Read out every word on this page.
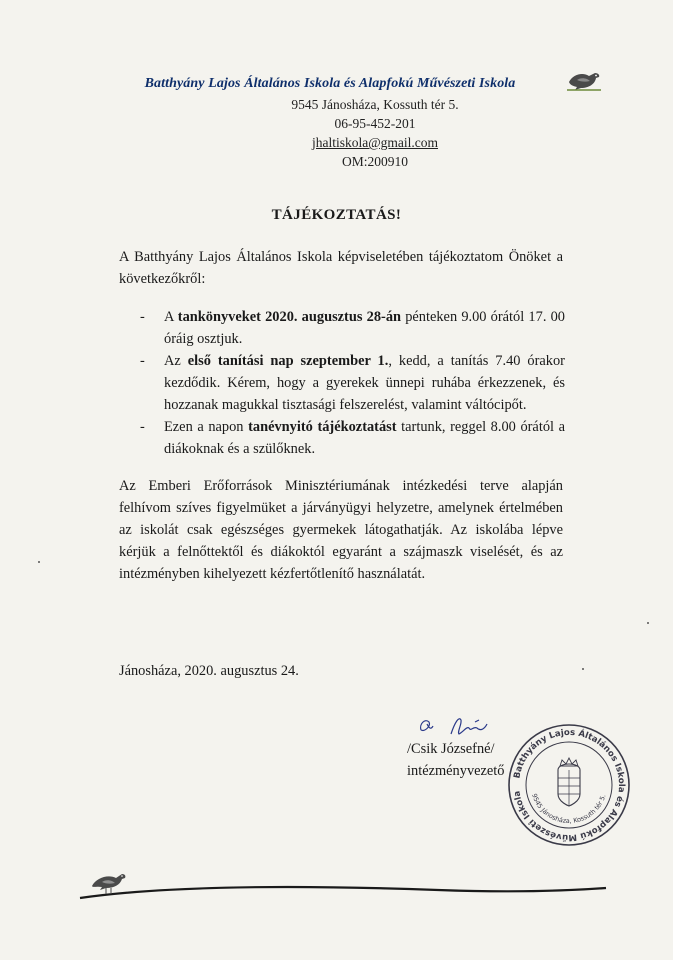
Batthyány Lajos Általános Iskola és Alapfokú Művészeti Iskola
9545 Jánosháza, Kossuth tér 5.
06-95-452-201
jhaltiskola@gmail.com
OM:200910
TÁJÉKOZTATÁS!
A Batthyány Lajos Általános Iskola képviseletében tájékoztatom Önöket a következőkről:
- A tankönyveket 2020. augusztus 28-án pénteken 9.00 órától 17. 00 óráig osztjuk.
- Az első tanítási nap szeptember 1., kedd, a tanítás 7.40 órakor kezdődik. Kérem, hogy a gyerekek ünnepi ruhába érkezzenek, és hozzanak magukkal tisztasági felszerelést, valamint váltócipőt.
- Ezen a napon tanévnyitó tájékoztatást tartunk, reggel 8.00 órától a diákoknak és a szülőknek.
Az Emberi Erőforrások Minisztériumának intézkedési terve alapján felhívom szíves figyelmüket a járványügyi helyzetre, amelynek értelmében az iskolát csak egészséges gyermekek látogathatják. Az iskolába lépve kérjük a felnőttektől és diákoktól egyaránt a szájmaszk viselését, és az intézményben kihelyezett kézfertőtlenítő használatát.
Jánosháza, 2020. augusztus 24.
/Csik Józsefné/
intézményvezető Batthyány Lajos Általános Iskola és Alapfokú Művészeti Iskola	9545 Jánosháza, Kossuth tér 5.
